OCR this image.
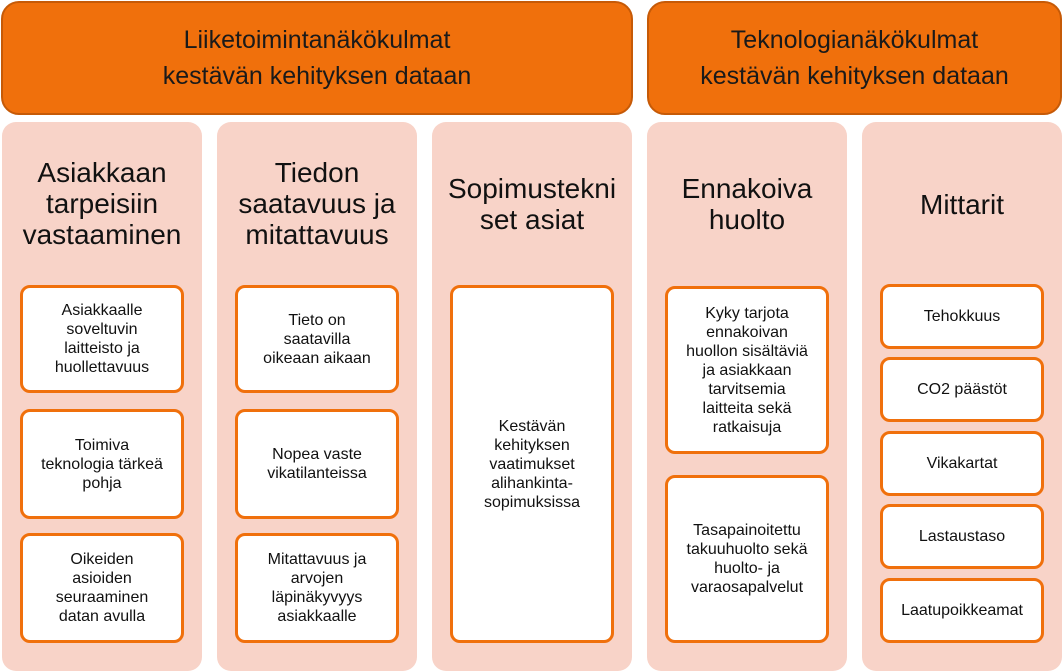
Liiketoimintanäkökulmat
kestävän kehityksen dataan
Teknologianäkökulmat
kestävän kehityksen dataan
Asiakkaan
tarpeisiin
vastaaminen
Asiakkaalle
soveltuvin
laitteisto ja
huollettavuus
Toimiva
teknologia tärkeä
pohja
Oikeiden
asioiden
seuraaminen
datan avulla
Tiedon
saatavuus ja
mitattavuus
Tieto on
saatavilla
oikeaan aikaan
Nopea vaste
vikatilanteissa
Mitattavuus ja
arvojen
läpinäkyvyys
asiakkaalle
Sopimustekni
set asiat
Kestävän
kehityksen
vaatimukset
alihankinta-
sopimuksissa
Ennakoiva
huolto
Kyky tarjota
ennakoivan
huollon sisältäviä
ja asiakkaan
tarvitsemia
laitteita sekä
ratkaisuja
Tasapainoitettu
takuuhuolto sekä
huolto- ja
varaosapalvelut
Mittarit
Tehokkuus
CO2 päästöt
Vikakartat
Lastaustaso
Laatupoikkeamat
